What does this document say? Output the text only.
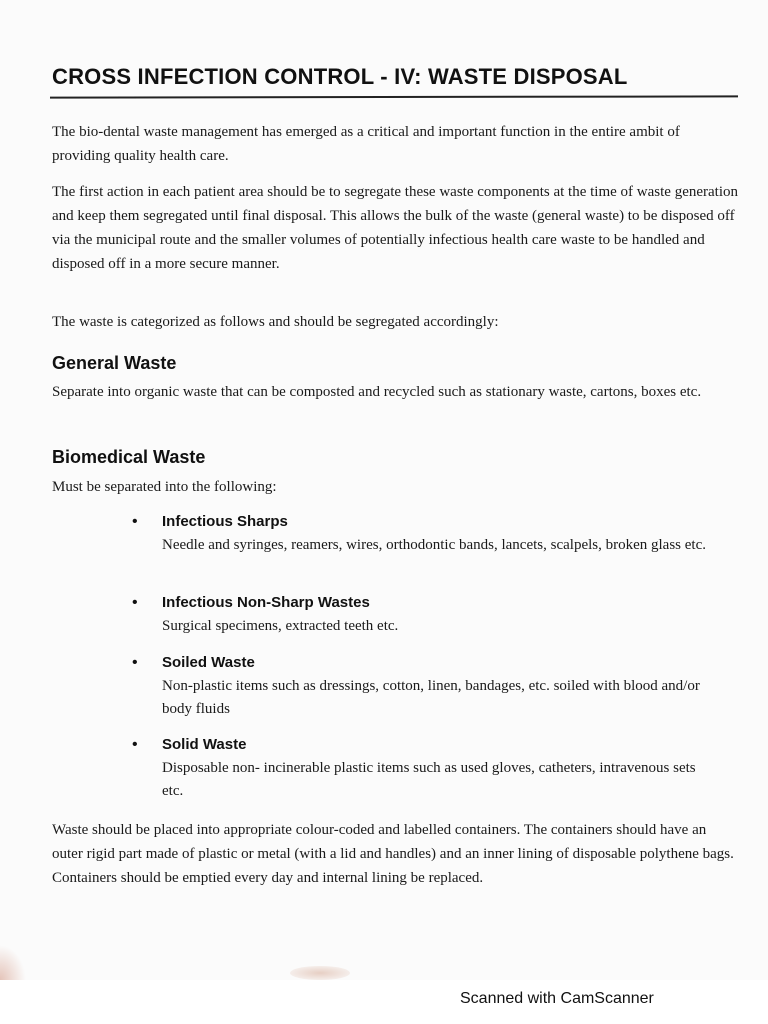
CROSS INFECTION CONTROL - IV: WASTE DISPOSAL

The bio-dental waste management has emerged as a critical and important function in the entire ambit of providing quality health care.

The first action in each patient area should be to segregate these waste components at the time of waste generation and keep them segregated until final disposal. This allows the bulk of the waste (general waste) to be disposed off via the municipal route and the smaller volumes of potentially infectious health care waste to be handled and disposed off in a more secure manner.

The waste is categorized as follows and should be segregated accordingly:

General Waste

Separate into organic waste that can be composted and recycled such as stationary waste, cartons, boxes etc.

Biomedical Waste

Must be separated into the following:

• Infectious Sharps

Needle and syringes, reamers, wires, orthodontic bands, lancets, scalpels, broken glass etc.

• Infectious Non-Sharp Wastes

Surgical specimens, extracted teeth etc.

• Soiled Waste

Non-plastic items such as dressings, cotton, linen, bandages, etc. soiled with blood and/or body fluids

• Solid Waste

Disposable non- incinerable plastic items such as used gloves, catheters, intravenous sets etc.

Waste should be placed into appropriate colour-coded and labelled containers. The containers should have an outer rigid part made of plastic or metal (with a lid and handles) and an inner lining of disposable polythene bags. Containers should be emptied every day and internal lining be replaced.

Scanned with CamScanner
